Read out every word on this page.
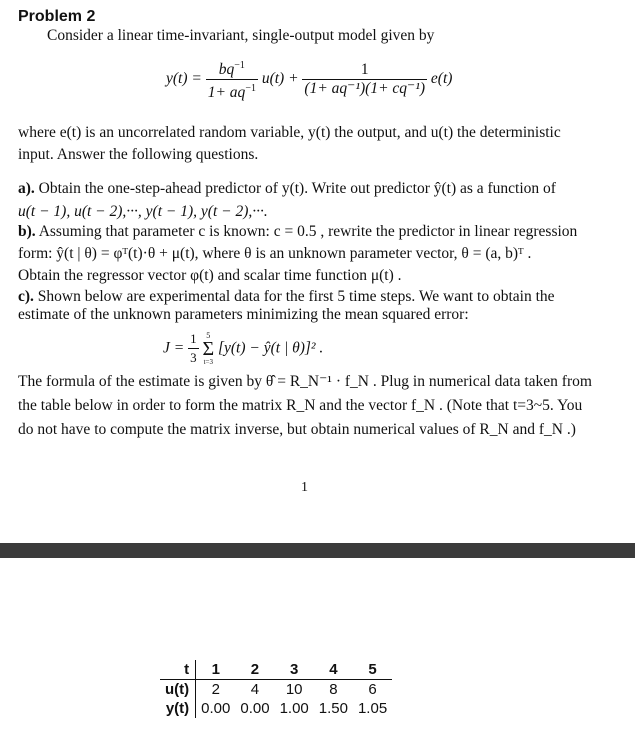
Problem 2
Consider a linear time-invariant, single-output model given by
$y(t) = \frac{bq^{-1}}{1+ aq^{-1}} u(t) + \frac{1}{\text{(1+ aq⁻¹)(1+ cq⁻¹)}} e(t)$
where e(t) is an uncorrelated random variable, y(t) the output, and u(t) the deterministic
input. Answer the following questions.
a). Obtain the one-step-ahead predictor of y(t). Write out predictor ŷ(t) as a function of
u(t − 1), u(t − 2),···, y(t − 1), y(t − 2),···.
b). Assuming that parameter c is known: c = 0.5 , rewrite the predictor in linear regression
form: ŷ(t | θ) = φᵀ(t)·θ + μ(t), where θ is an unknown parameter vector, θ = (a, b)ᵀ .
Obtain the regressor vector φ(t) and scalar time function μ(t) .
c). Shown below are experimental data for the first 5 time steps. We want to obtain the
estimate of the unknown parameters minimizing the mean squared error:
$J = \frac{1}{3}$
5
Σ
t=3
[y(t) − ŷ(t | θ)]² .
The formula of the estimate is given by θ̂ = R_N⁻¹ · f_N . Plug in numerical data taken from
the table below in order to form the matrix R_N and the vector f_N . (Note that t=3~5. You
do not have to compute the matrix inverse, but obtain numerical values of R_N and f_N .)
1
t	1	2	3	4	5
u(t)	2	4	10	8	6
y(t)	0.00	0.00	1.00	1.50	1.05
